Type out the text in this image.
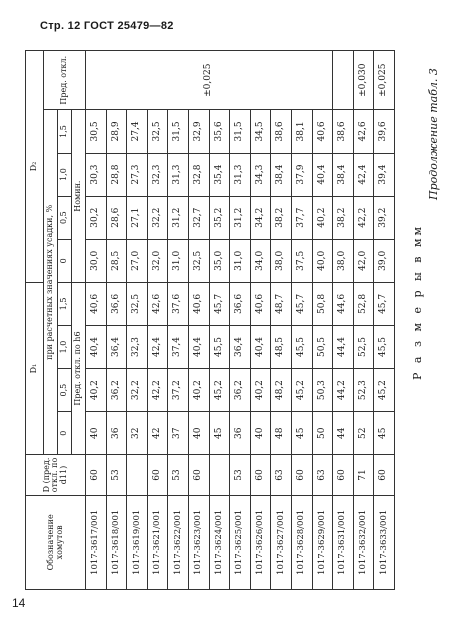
Стр. 12 ГОСТ 25479—82
14
Обозначение хомутов	D (пред. откл. по d11)	D₁				D₂				
		при расчетных значениях усадки, %								Пред. откл.
		0	0,5	1,0	1,5	0	0,5	1,0	1,5	
		Пред. откл. по h6				Номин.				
1017-3617/001	60	40	40,2	40,4	40,6	30,0	30,2	30,3	30,5	±0,025
1017-3618/001	53	36	36,2	36,4	36,6	28,5	28,6	28,8	28,9	
1017-3619/001		32	32,2	32,3	32,5	27,0	27,1	27,3	27,4	
1017-3621/001	60	42	42,2	42,4	42,6	32,0	32,2	32,3	32,5	
1017-3622/001	53	37	37,2	37,4	37,6	31,0	31,2	31,3	31,5	
1017-3623/001	60	40	40,2	40,4	40,6	32,5	32,7	32,8	32,9	
1017-3624/001		45	45,2	45,5	45,7	35,0	35,2	35,4	35,6	
1017-3625/001	53	36	36,2	36,4	36,6	31,0	31,2	31,3	31,5	
1017-3626/001	60	40	40,2	40,4	40,6	34,0	34,2	34,3	34,5	
1017-3627/001	63	48	48,2	48,5	48,7	38,0	38,2	38,4	38,6	
1017-3628/001	60	45	45,2	45,5	45,7	37,5	37,7	37,9	38,1	
1017-3629/001	63	50	50,3	50,5	50,8	40,0	40,2	40,4	40,6	
1017-3631/001	60	44	44,2	44,4	44,6	38,0	38,2	38,4	38,6	
1017-3632/001	71	52	52,3	52,5	52,8	42,0	42,2	42,4	42,6	±0,030
1017-3633/001	60	45	45,2	45,5	45,7	39,0	39,2	39,4	39,6	±0,025	Продолжение табл. 3
Р а з м е р ы в мм
